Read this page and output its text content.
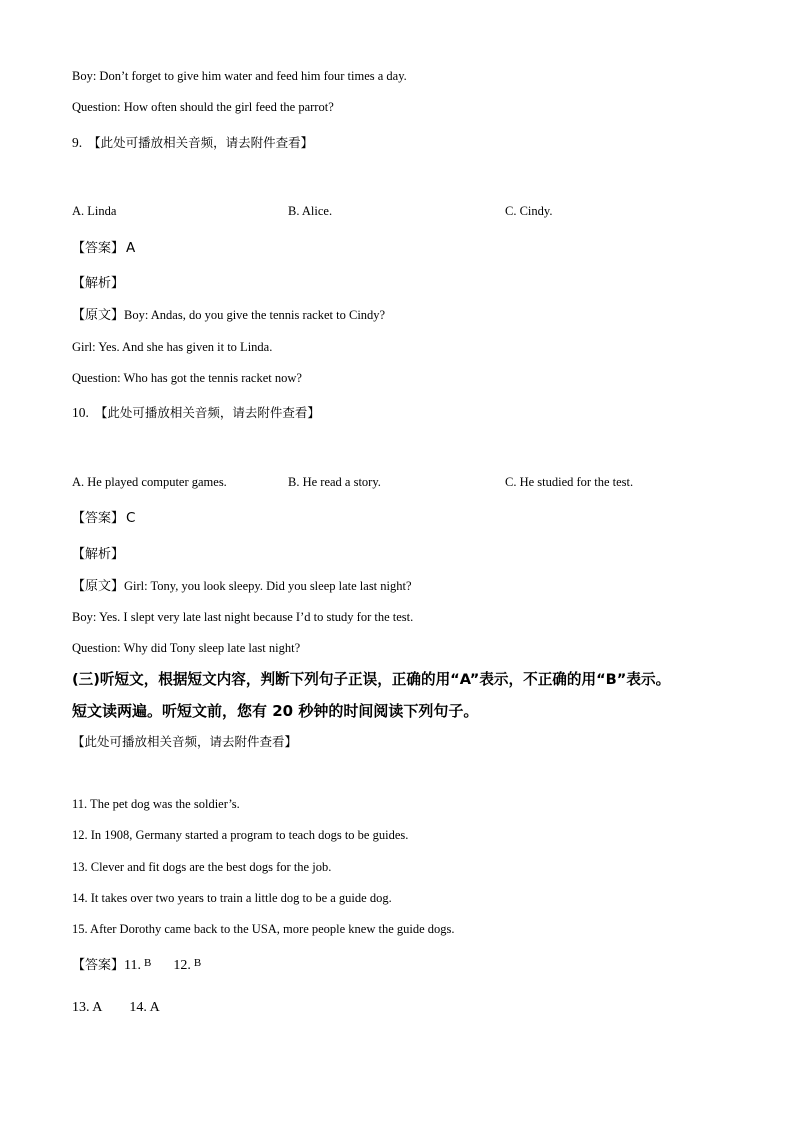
Boy: Don’t forget to give him water and feed him four times a day.
Question: How often should the girl feed the parrot?
9. 【此处可播放相关音频，请去附件查看】
A. Linda	B. Alice.	C. Cindy.
【答案】 A
【解析】
【原文】Boy: Andas, do you give the tennis racket to Cindy?
Girl: Yes. And she has given it to Linda.
Question: Who has got the tennis racket now?
10. 【此处可播放相关音频，请去附件查看】
A. He played computer games.	B. He read a story.	C. He studied for the test.
【答案】 C
【解析】
【原文】Girl: Tony, you look sleepy. Did you sleep late last night?
Boy: Yes. I slept very late last night because I’d to study for the test.
Question: Why did Tony sleep late last night?
(三)听短文，根据短文内容，判断下列句子正误，正确的用“A”表示，不正确的用“B”表示。
短文读两遍。听短文前，您有 20 秒钟的时间阅读下列句子。
【此处可播放相关音频，请去附件查看】
11. The pet dog was the soldier’s.
12. In 1908, Germany started a program to teach dogs to be guides.
13. Clever and fit dogs are the best dogs for the job.
14. It takes over two years to train a little dog to be a guide dog.
15. After Dorothy came back to the USA, more people knew the guide dogs.
【答案】11. B 12. B
13. A 14. A
